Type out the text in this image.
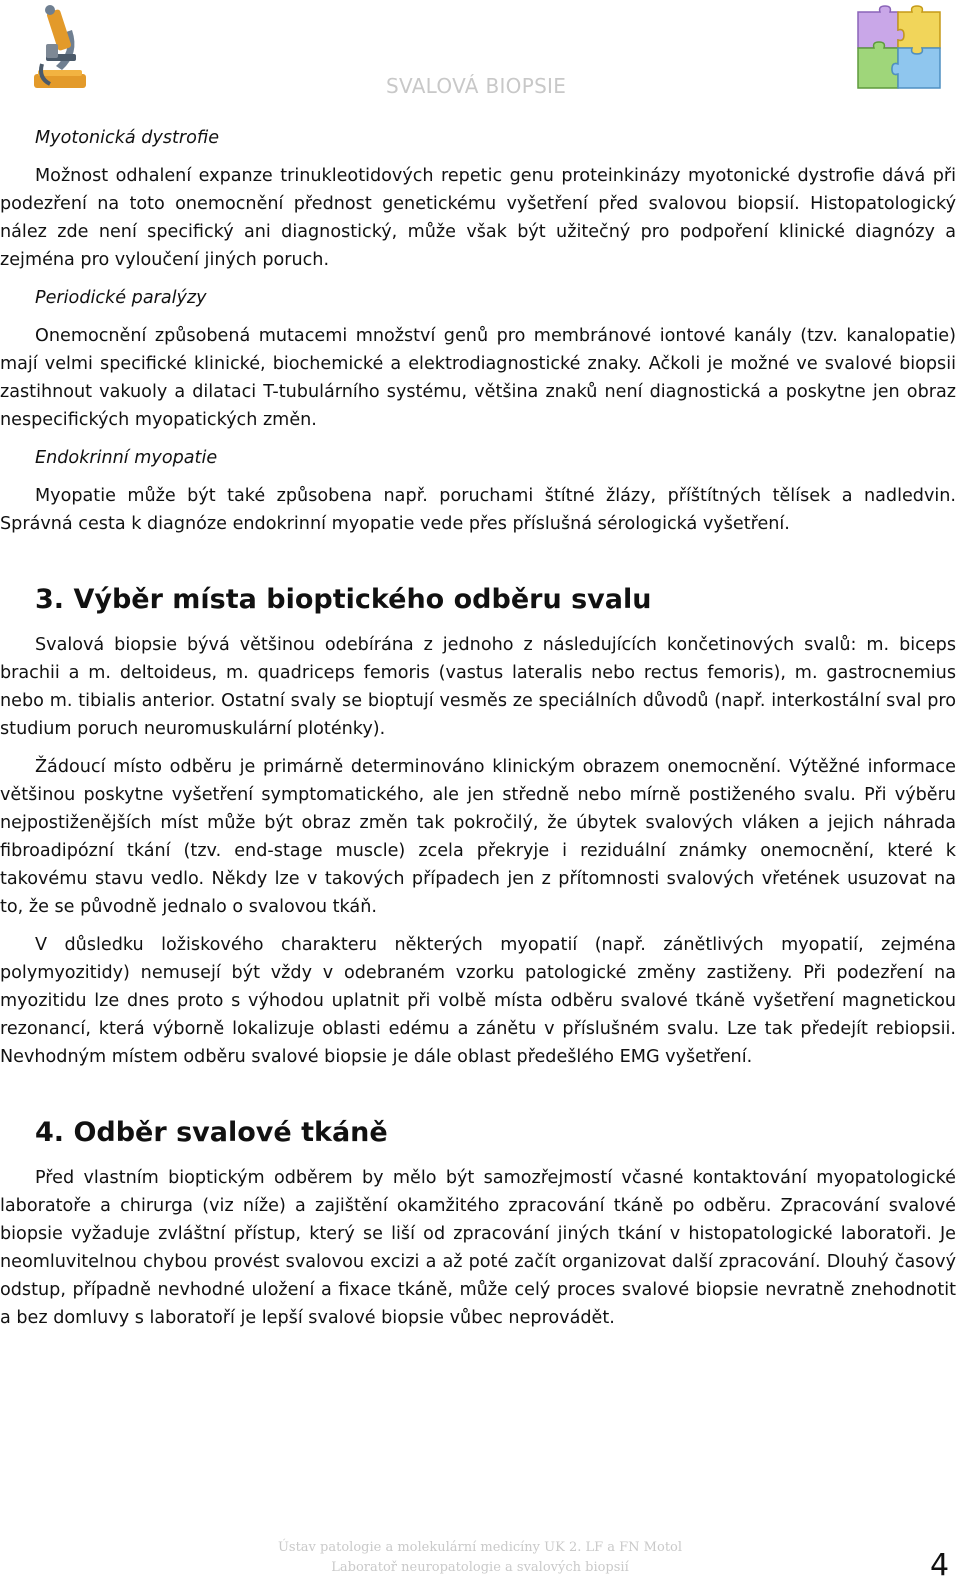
SVALOVÁ BIOPSIE
Myotonická dystrofie

Možnost odhalení expanze trinukleotidových repetic genu proteinkinázy myotonické dystrofie dává při podezření na toto onemocnění přednost genetickému vyšetření před svalovou biopsií. Histopatologický nález zde není specifický ani diagnostický, může však být užitečný pro podpoření klinické diagnózy a zejména pro vyloučení jiných poruch.

Periodické paralýzy

Onemocnění způsobená mutacemi množství genů pro membránové iontové kanály (tzv. kanalopatie) mají velmi specifické klinické, biochemické a elektrodiagnostické znaky. Ačkoli je možné ve svalové biopsii zastihnout vakuoly a dilataci T-tubulárního systému, většina znaků není diagnostická a poskytne jen obraz nespecifických myopatických změn.

Endokrinní myopatie

Myopatie může být také způsobena např. poruchami štítné žlázy, příštítných tělísek a nadledvin. Správná cesta k diagnóze endokrinní myopatie vede přes příslušná sérologická vyšetření.

3. Výběr místa bioptického odběru svalu

Svalová biopsie bývá většinou odebírána z jednoho z následujících končetinových svalů: m. biceps brachii a m. deltoideus, m. quadriceps femoris (vastus lateralis nebo rectus femoris), m. gastrocnemius nebo m. tibialis anterior. Ostatní svaly se bioptují vesměs ze speciálních důvodů (např. interkostální sval pro studium poruch neuromuskulární ploténky).

Žádoucí místo odběru je primárně determinováno klinickým obrazem onemocnění. Výtěžné informace většinou poskytne vyšetření symptomatického, ale jen středně nebo mírně postiženého svalu. Při výběru nejpostiženějších míst může být obraz změn tak pokročilý, že úbytek svalových vláken a jejich náhrada fibroadipózní tkání (tzv. end-stage muscle) zcela překryje i reziduální známky onemocnění, které k takovému stavu vedlo. Někdy lze v takových případech jen z přítomnosti svalových vřetének usuzovat na to, že se původně jednalo o svalovou tkáň.

V důsledku ložiskového charakteru některých myopatií (např. zánětlivých myopatií, zejména polymyozitidy) nemusejí být vždy v odebraném vzorku patologické změny zastiženy. Při podezření na myozitidu lze dnes proto s výhodou uplatnit při volbě místa odběru svalové tkáně vyšetření magnetickou rezonancí, která výborně lokalizuje oblasti edému a zánětu v příslušném svalu. Lze tak předejít rebiopsii. Nevhodným místem odběru svalové biopsie je dále oblast předešlého EMG vyšetření.

4. Odběr svalové tkáně

Před vlastním bioptickým odběrem by mělo být samozřejmostí včasné kontaktování myopatologické laboratoře a chirurga (viz níže) a zajištění okamžitého zpracování tkáně po odběru. Zpracování svalové biopsie vyžaduje zvláštní přístup, který se liší od zpracování jiných tkání v histopatologické laboratoři. Je neomluvitelnou chybou provést svalovou excizi a až poté začít organizovat další zpracování. Dlouhý časový odstup, případně nevhodné uložení a fixace tkáně, může celý proces svalové biopsie nevratně znehodnotit a bez domluvy s laboratoří je lepší svalové biopsie vůbec neprovádět.

Ústav patologie a molekulární medicíny UK 2. LF a FN Motol
Laboratoř neuropatologie a svalových biopsií	4
